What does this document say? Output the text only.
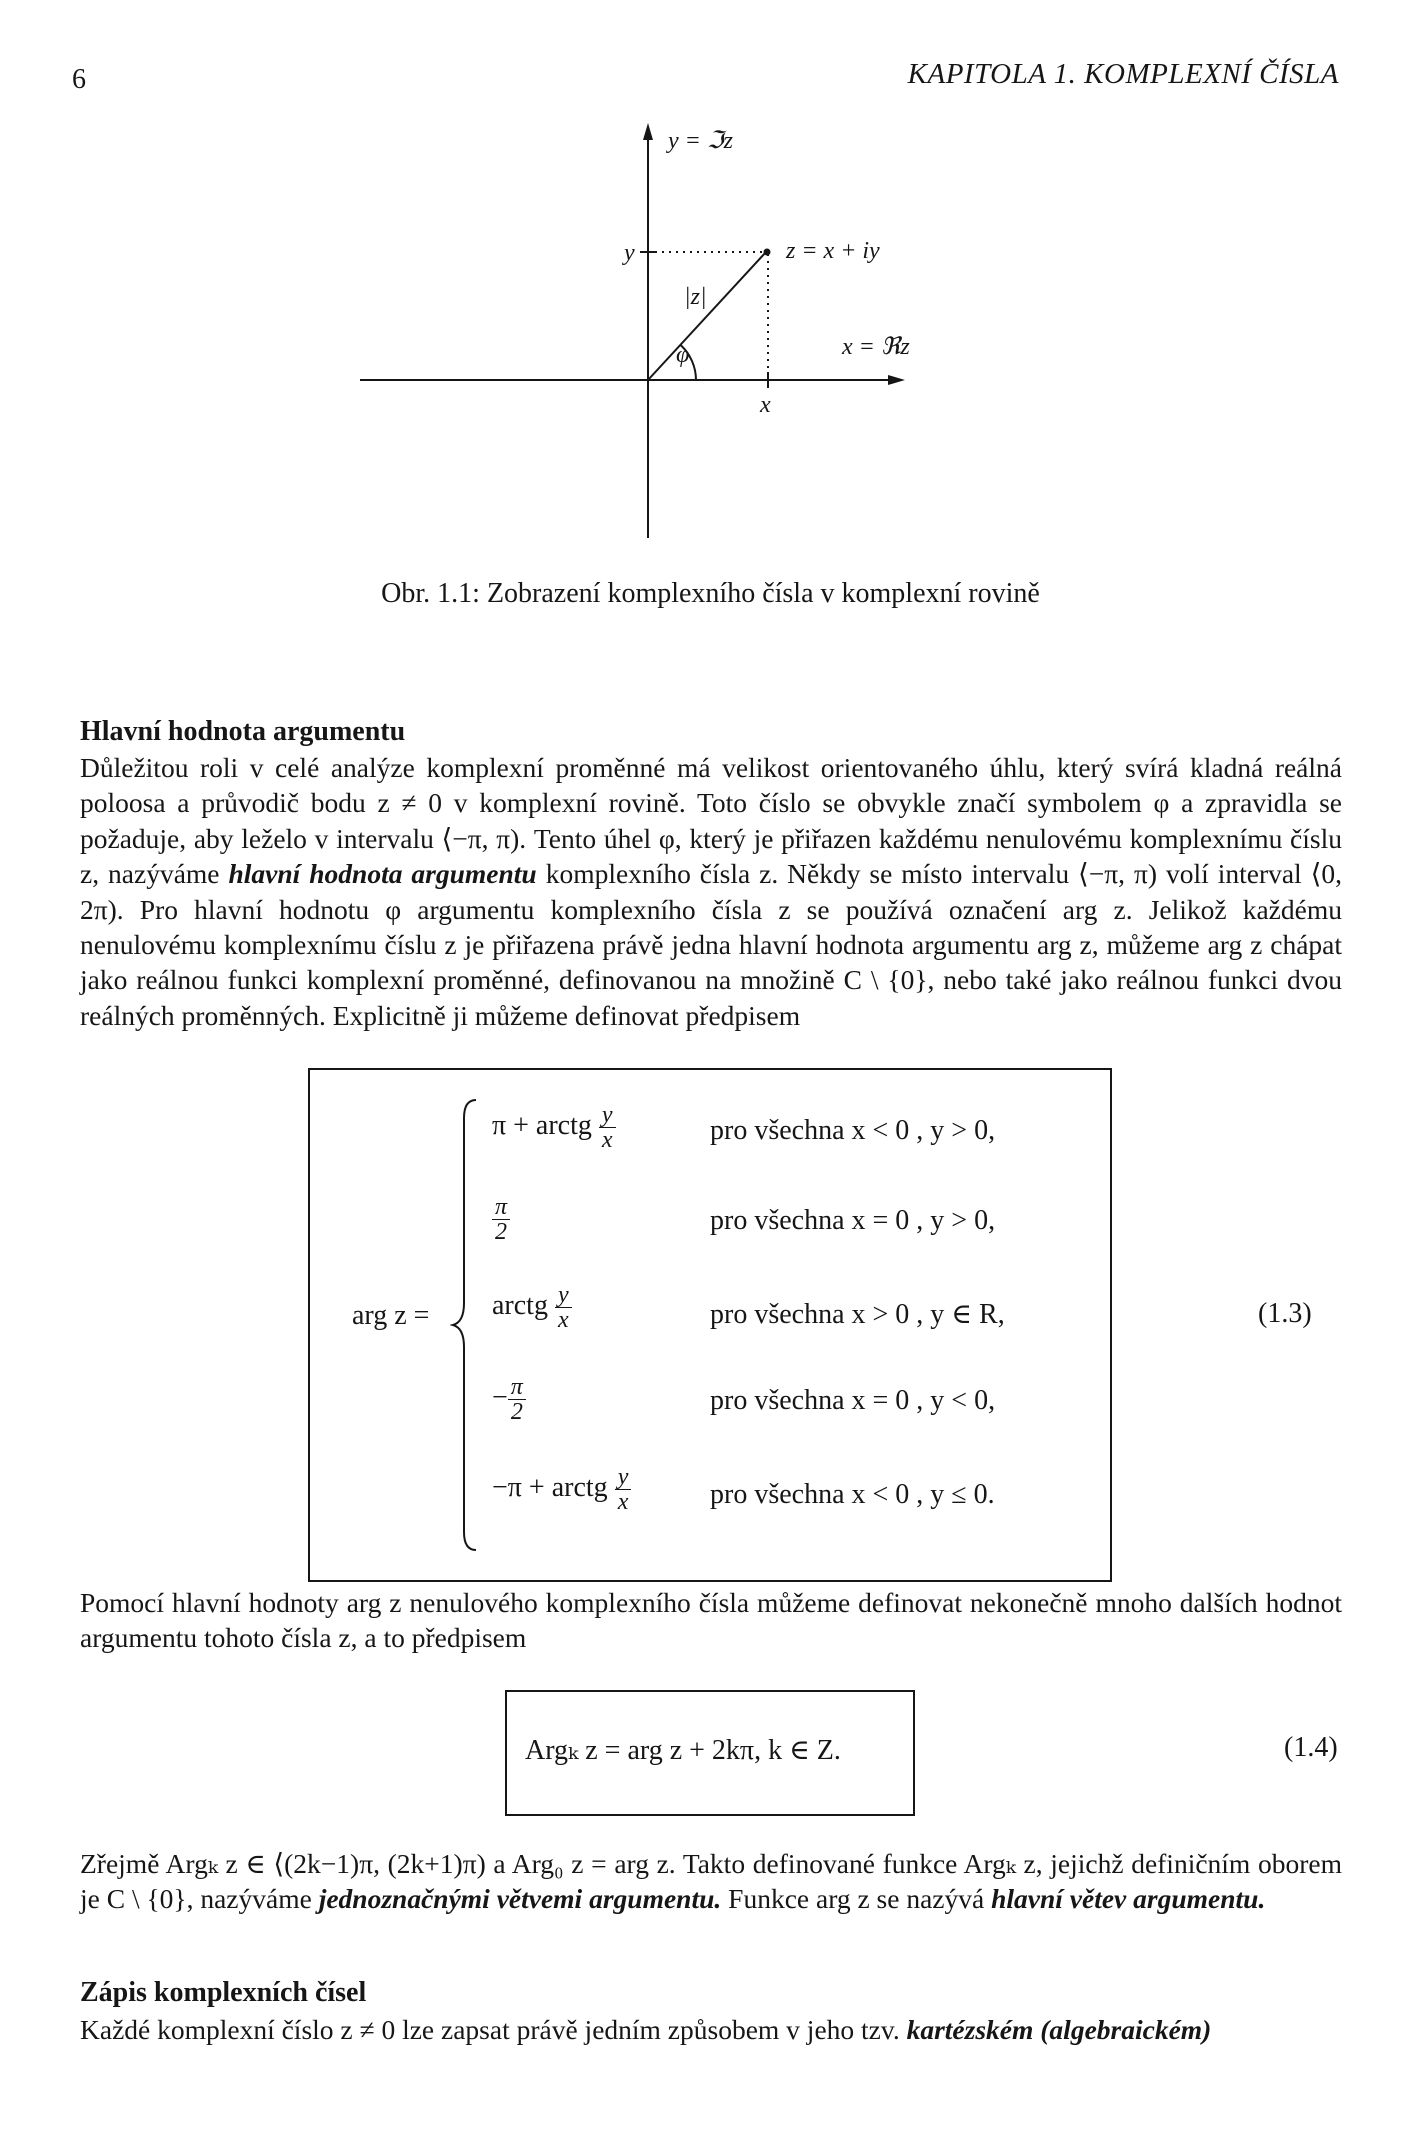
6	KAPITOLA 1. KOMPLEXNÍ ČÍSLA
y = ℑz
y	z = x + iy
|z|
φ	x = ℜz
x
Obr. 1.1: Zobrazení komplexního čísla v komplexní rovině
Hlavní hodnota argumentu

Důležitou roli v celé analýze komplexní proměnné má velikost orientovaného úhlu, který svírá kladná reálná poloosa a průvodič bodu z ≠ 0 v komplexní rovině. Toto číslo se obvykle značí symbolem φ a zpravidla se požaduje, aby leželo v intervalu ⟨−π, π). Tento úhel φ, který je přiřazen každému nenulovému komplexnímu číslu z, nazýváme hlavní hodnota argumentu komplexního čísla z. Někdy se místo intervalu ⟨−π, π) volí interval ⟨0, 2π). Pro hlavní hodnotu φ argumentu komplexního čísla z se používá označení arg z. Jelikož každému nenulovému komplexnímu číslu z je přiřazena právě jedna hlavní hodnota argumentu arg z, můžeme arg z chápat jako reálnou funkci komplexní proměnné, definovanou na množině C \ {0}, nebo také jako reálnou funkci dvou reálných proměnných. Explicitně ji můžeme definovat předpisem

arg z =
π + arctg $\frac{y}{x}$	pro všechna x < 0 , y > 0,
$\frac{\pi}{2}$	pro všechna x = 0 , y > 0,
arctg $\frac{y}{x}$	pro všechna x > 0 , y ∈ R,
− $\frac{\pi}{2}$	pro všechna x = 0 , y < 0,
−π + arctg $\frac{y}{x}$	pro všechna x < 0 , y ≤ 0.
(1.3)

Pomocí hlavní hodnoty arg z nenulového komplexního čísla můžeme definovat nekonečně mnoho dalších hodnot argumentu tohoto čísla z, a to předpisem

Argₖ z = arg z + 2kπ, k ∈ Z.	(1.4)

Zřejmě Argₖ z ∈ ⟨(2k−1)π, (2k+1)π) a Arg₀ z = arg z. Takto definované funkce Argₖ z, jejichž definičním oborem je C \ {0}, nazýváme jednoznačnými větvemi argumentu. Funkce arg z se nazývá hlavní větev argumentu.

Zápis komplexních čísel

Každé komplexní číslo z ≠ 0 lze zapsat právě jedním způsobem v jeho tzv. kartézském (algebraickém)
